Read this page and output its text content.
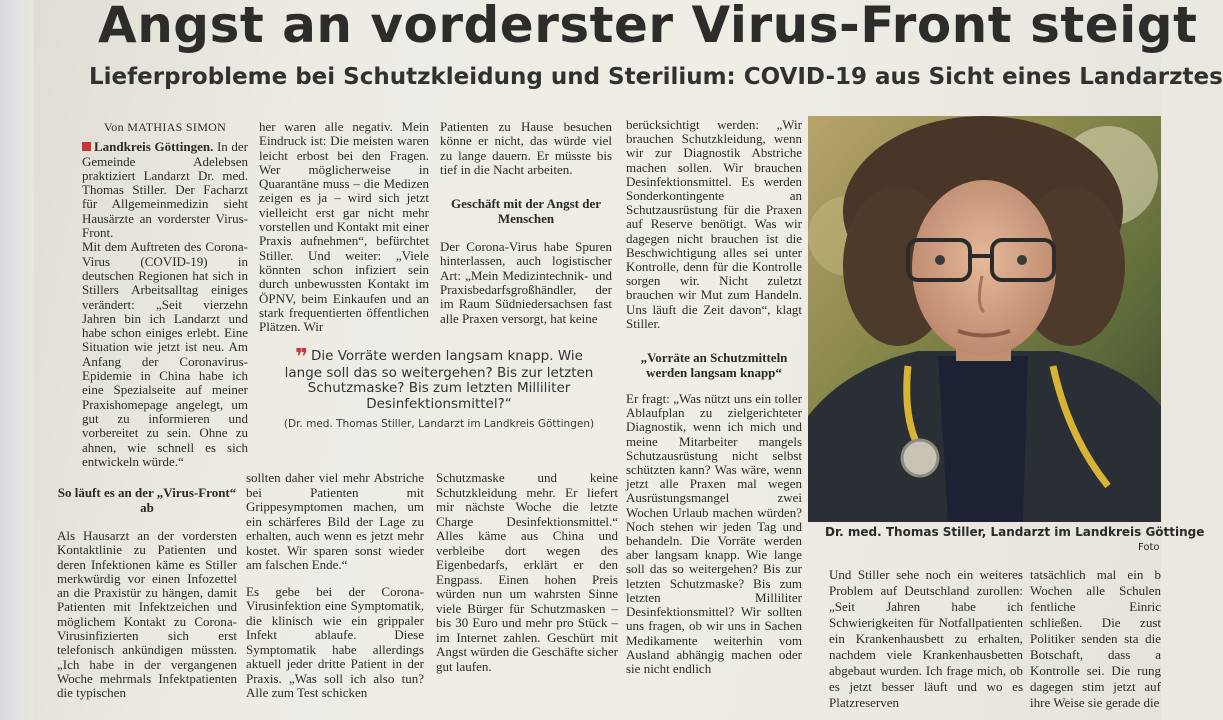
Angst an vorderster Virus-Front steigt
Lieferprobleme bei Schutzkleidung und Sterilium: COVID-19 aus Sicht eines Landarztes
Von MATHIAS SIMON

Landkreis Göttingen. In der Gemeinde Adelebsen praktiziert Landarzt Dr. med. Thomas Stiller. Der Facharzt für Allgemeinmedizin sieht Hausärzte an vorderster Virus-Front.

Mit dem Auftreten des Corona-Virus (COVID-19) in deutschen Regionen hat sich in Stillers Arbeitsalltag einiges verändert: „Seit vierzehn Jahren bin ich Landarzt und habe schon einiges erlebt. Eine Situation wie jetzt ist neu. Am Anfang der Coronavirus-Epidemie in China habe ich eine Spezialseite auf meiner Praxishomepage angelegt, um gut zu informieren und vorbereitet zu sein. Ohne zu ahnen, wie schnell es sich entwickeln würde.“

So läuft es an der „Virus-Front“ ab

Als Hausarzt an der vordersten Kontaktlinie zu Patienten und deren Infektionen käme es Stiller merkwürdig vor einen Infozettel an die Praxistür zu hängen, damit Patienten mit Infektzeichen und möglichem Kontakt zu Corona-Virusinfizierten sich erst telefonisch ankündigen müssten. „Ich habe in der vergangenen Woche mehrmals Infektpatienten die typischen

her waren alle negativ. Mein Eindruck ist: Die meisten waren leicht erbost bei den Fragen. Wer möglicherweise in Quarantäne muss – die Medizen zeigen es ja – wird sich jetzt vielleicht erst gar nicht mehr vorstellen und Kontakt mit einer Praxis aufnehmen“, befürchtet Stiller. Und weiter: „Viele könnten schon infiziert sein durch unbewussten Kontakt im ÖPNV, beim Einkaufen und an stark frequentierten öffentlichen Plätzen. Wir

sollten daher viel mehr Abstriche bei Patienten mit Grippesymptomen machen, um ein schärferes Bild der Lage zu erhalten, auch wenn es jetzt mehr kostet. Wir sparen sonst wieder am falschen Ende.“

Es gebe bei der Corona-Virusinfektion eine Symptomatik, die klinisch wie ein grippaler Infekt ablaufe. Diese Symptomatik habe allerdings aktuell jeder dritte Patient in der Praxis. „Was soll ich also tun? Alle zum Test schicken

Patienten zu Hause besuchen könne er nicht, das würde viel zu lange dauern. Er müsste bis tief in die Nacht arbeiten.

Geschäft mit der Angst der Menschen

Der Corona-Virus habe Spuren hinterlassen, auch logistischer Art: „Mein Medizintechnik- und Praxisbedarfsgroßhändler, der im Raum Südniedersachsen fast alle Praxen versorgt, hat keine

❞ Die Vorräte werden langsam knapp. Wie lange soll das so weitergehen? Bis zur letzten Schutzmaske? Bis zum letzten Milliliter Desinfektionsmittel?“
(Dr. med. Thomas Stiller, Landarzt im Landkreis Göttingen)

Schutzmaske und keine Schutzkleidung mehr. Er liefert mir nächste Woche die letzte Charge Desinfektionsmittel.“ Alles käme aus China und verbleibe dort wegen des Eigenbedarfs, erklärt er den Engpass. Einen hohen Preis würden nun um wahrsten Sinne viele Bürger für Schutzmasken – bis 30 Euro und mehr pro Stück – im Internet zahlen. Geschürt mit Angst würden die Geschäfte sicher gut laufen.

berücksichtigt werden: „Wir brauchen Schutzkleidung, wenn wir zur Diagnostik Abstriche machen sollen. Wir brauchen Desinfektionsmittel. Es werden Sonderkontingente an Schutzausrüstung für die Praxen auf Reserve benötigt. Was wir dagegen nicht brauchen ist die Beschwichtigung alles sei unter Kontrolle, denn für die Kontrolle sorgen wir. Nicht zuletzt brauchen wir Mut zum Handeln. Uns läuft die Zeit davon“, klagt Stiller.

„Vorräte an Schutzmitteln werden langsam knapp“

Er fragt: „Was nützt uns ein toller Ablaufplan zu zielgerichteter Diagnostik, wenn ich mich und meine Mitarbeiter mangels Schutzausrüstung nicht selbst schützten kann? Was wäre, wenn jetzt alle Praxen mal wegen Ausrüstungsmangel zwei Wochen Urlaub machen würden? Noch stehen wir jeden Tag und behandeln. Die Vorräte werden aber langsam knapp. Wie lange soll das so weitergehen? Bis zur letzten Schutzmaske? Bis zum letzten Milliliter Desinfektionsmittel? Wir sollten uns fragen, ob wir uns in Sachen Medikamente weiterhin vom Ausland abhängig machen oder sie nicht endlich

Dr. med. Thomas Stiller, Landarzt im Landkreis Göttinge
Foto

Und Stiller sehe noch ein weiteres Problem auf Deutschland zurollen: „Seit Jahren habe ich Schwierigkeiten für Notfallpatienten ein Krankenhausbett zu erhalten, nachdem viele Krankenhausbetten abgebaut wurden. Ich frage mich, ob es jetzt besser läuft und wo es Platzreserven

tatsächlich mal ein b Wochen alle Schulen fentliche Einric schließen. Die zust Politiker senden sta die Botschaft, dass a Kontrolle sei. Die rung dagegen stim jetzt auf ihre Weise sie gerade die
